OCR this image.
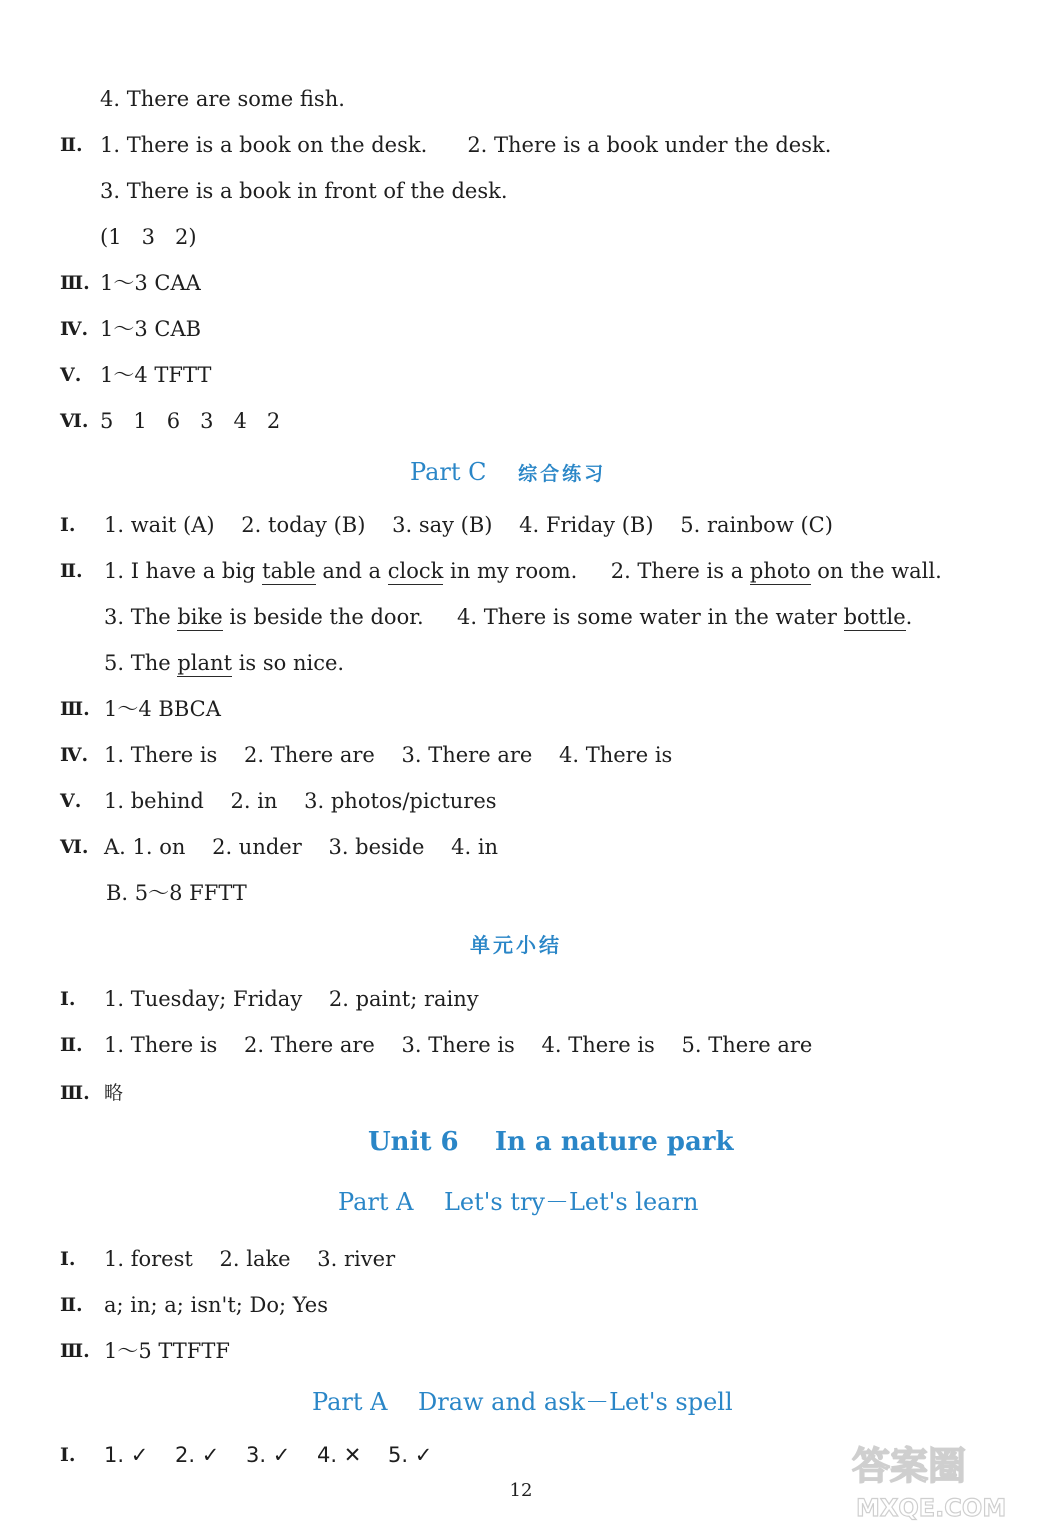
4. There are some fish.
Ⅱ. 1. There is a book on the desk.      2. There is a book under the desk.
3. There is a book in front of the desk.
(1   3   2)
Ⅲ. 1～3 CAA
Ⅳ. 1～3 CAB
Ⅴ. 1～4 TFTT
Ⅵ. 5   1   6   3   4   2
Part C 综合练习
Ⅰ. 1. wait (A)    2. today (B)    3. say (B)    4. Friday (B)    5. rainbow (C)
Ⅱ. 1. I have a big table and a clock in my room.     2. There is a photo on the wall.
3. The bike is beside the door.     4. There is some water in the water bottle.
5. The plant is so nice.
Ⅲ. 1～4 BBCA
Ⅳ. 1. There is    2. There are    3. There are    4. There is
Ⅴ. 1. behind    2. in    3. photos/pictures
Ⅵ. A. 1. on    2. under    3. beside    4. in
B. 5～8 FFTT
单元小结
Ⅰ. 1. Tuesday; Friday    2. paint; rainy
Ⅱ. 1. There is    2. There are    3. There is    4. There is    5. There are
Ⅲ. 略
Unit 6    In a nature park
Part A    Let's try－Let's learn
Ⅰ. 1. forest    2. lake    3. river
Ⅱ. a; in; a; isn't; Do; Yes
Ⅲ. 1～5 TTFTF
Part A    Draw and ask－Let's spell
Ⅰ. 1. ✓    2. ✓    3. ✓    4. ✕    5. ✓
12
答案圈
MXQE.COM
